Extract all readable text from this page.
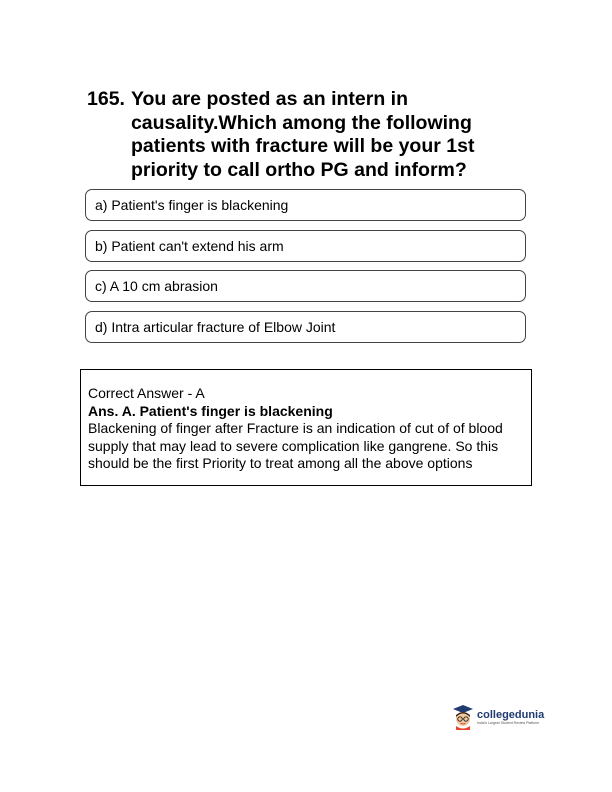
165. You are posted as an intern in causality.Which among the following patients with fracture will be your 1st priority to call ortho PG and inform?
a) Patient's finger is blackening
b) Patient can't extend his arm
c) A 10 cm abrasion
d) Intra articular fracture of Elbow Joint
Correct Answer - A
Ans. A. Patient's finger is blackening
Blackening of finger after Fracture is an indication of cut of of blood supply that may lead to severe complication like gangrene. So this should be the first Priority to treat among all the above options
collegedunia
India's Largest Student Review Platform
